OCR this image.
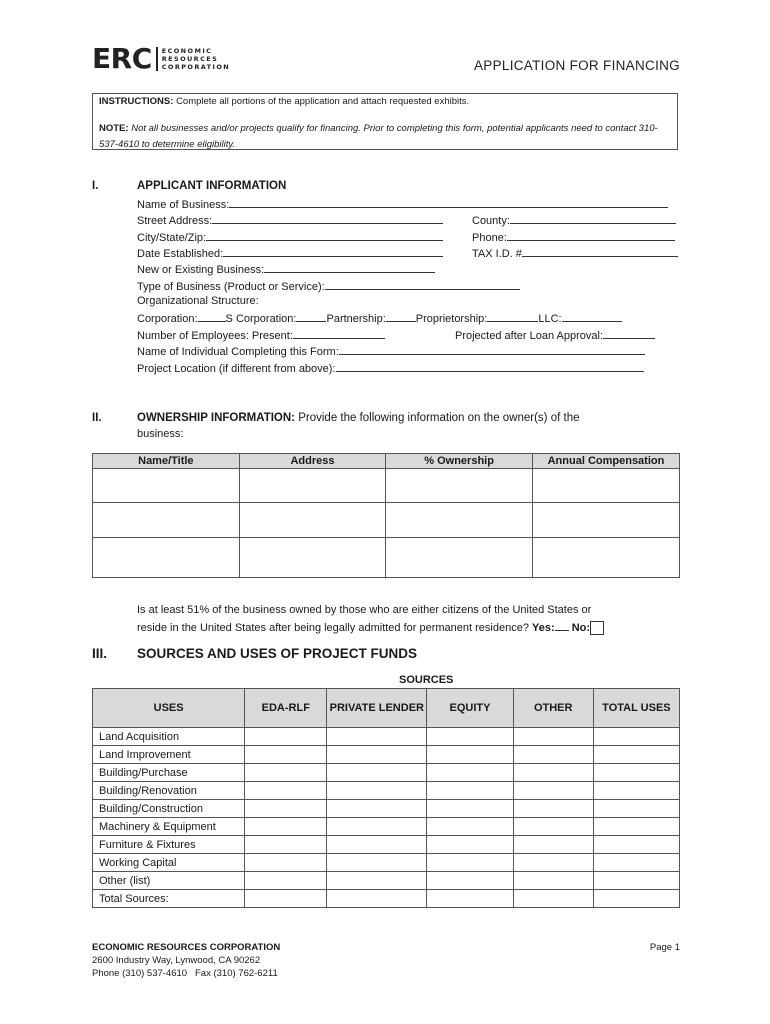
ERC ECONOMIC
RESOURCES
CORPORATION	APPLICATION FOR FINANCING
INSTRUCTIONS: Complete all portions of the application and attach requested exhibits.
NOTE: Not all businesses and/or projects qualify for financing. Prior to completing this form, potential applicants need to contact 310-537-4610 to determine eligibility.
I.	APPLICANT INFORMATION
Name of Business:
Street Address:	County:
City/State/Zip:	Phone:
Date Established:	TAX I.D. #
New or Existing Business:
Type of Business (Product or Service):
Organizational Structure:
Corporation:	S Corporation:	Partnership:	Proprietorship:	LLC:
Number of Employees: Present:	Projected after Loan Approval:
Name of Individual Completing this Form:
Project Location (if different from above):
II.	OWNERSHIP INFORMATION: Provide the following information on the owner(s) of the
business:
Name/Title	Address	% Ownership	Annual Compensation

Is at least 51% of the business owned by those who are either citizens of the United States or
reside in the United States after being legally admitted for permanent residence? Yes: No:
III. SOURCES AND USES OF PROJECT FUNDS
SOURCES
USES	EDA-RLF	PRIVATE LENDER	EQUITY	OTHER	TOTAL USES
Land Acquisition					
Land Improvement					
Building/Purchase					
Building/Renovation					
Building/Construction					
Machinery & Equipment					
Furniture & Fixtures					
Working Capital					
Other (list)					
Total Sources:					
ECONOMIC RESOURCES CORPORATION
2600 Industry Way, Lynwood, CA 90262
Phone (310) 537-4610 Fax (310) 762-6211
Page 1
